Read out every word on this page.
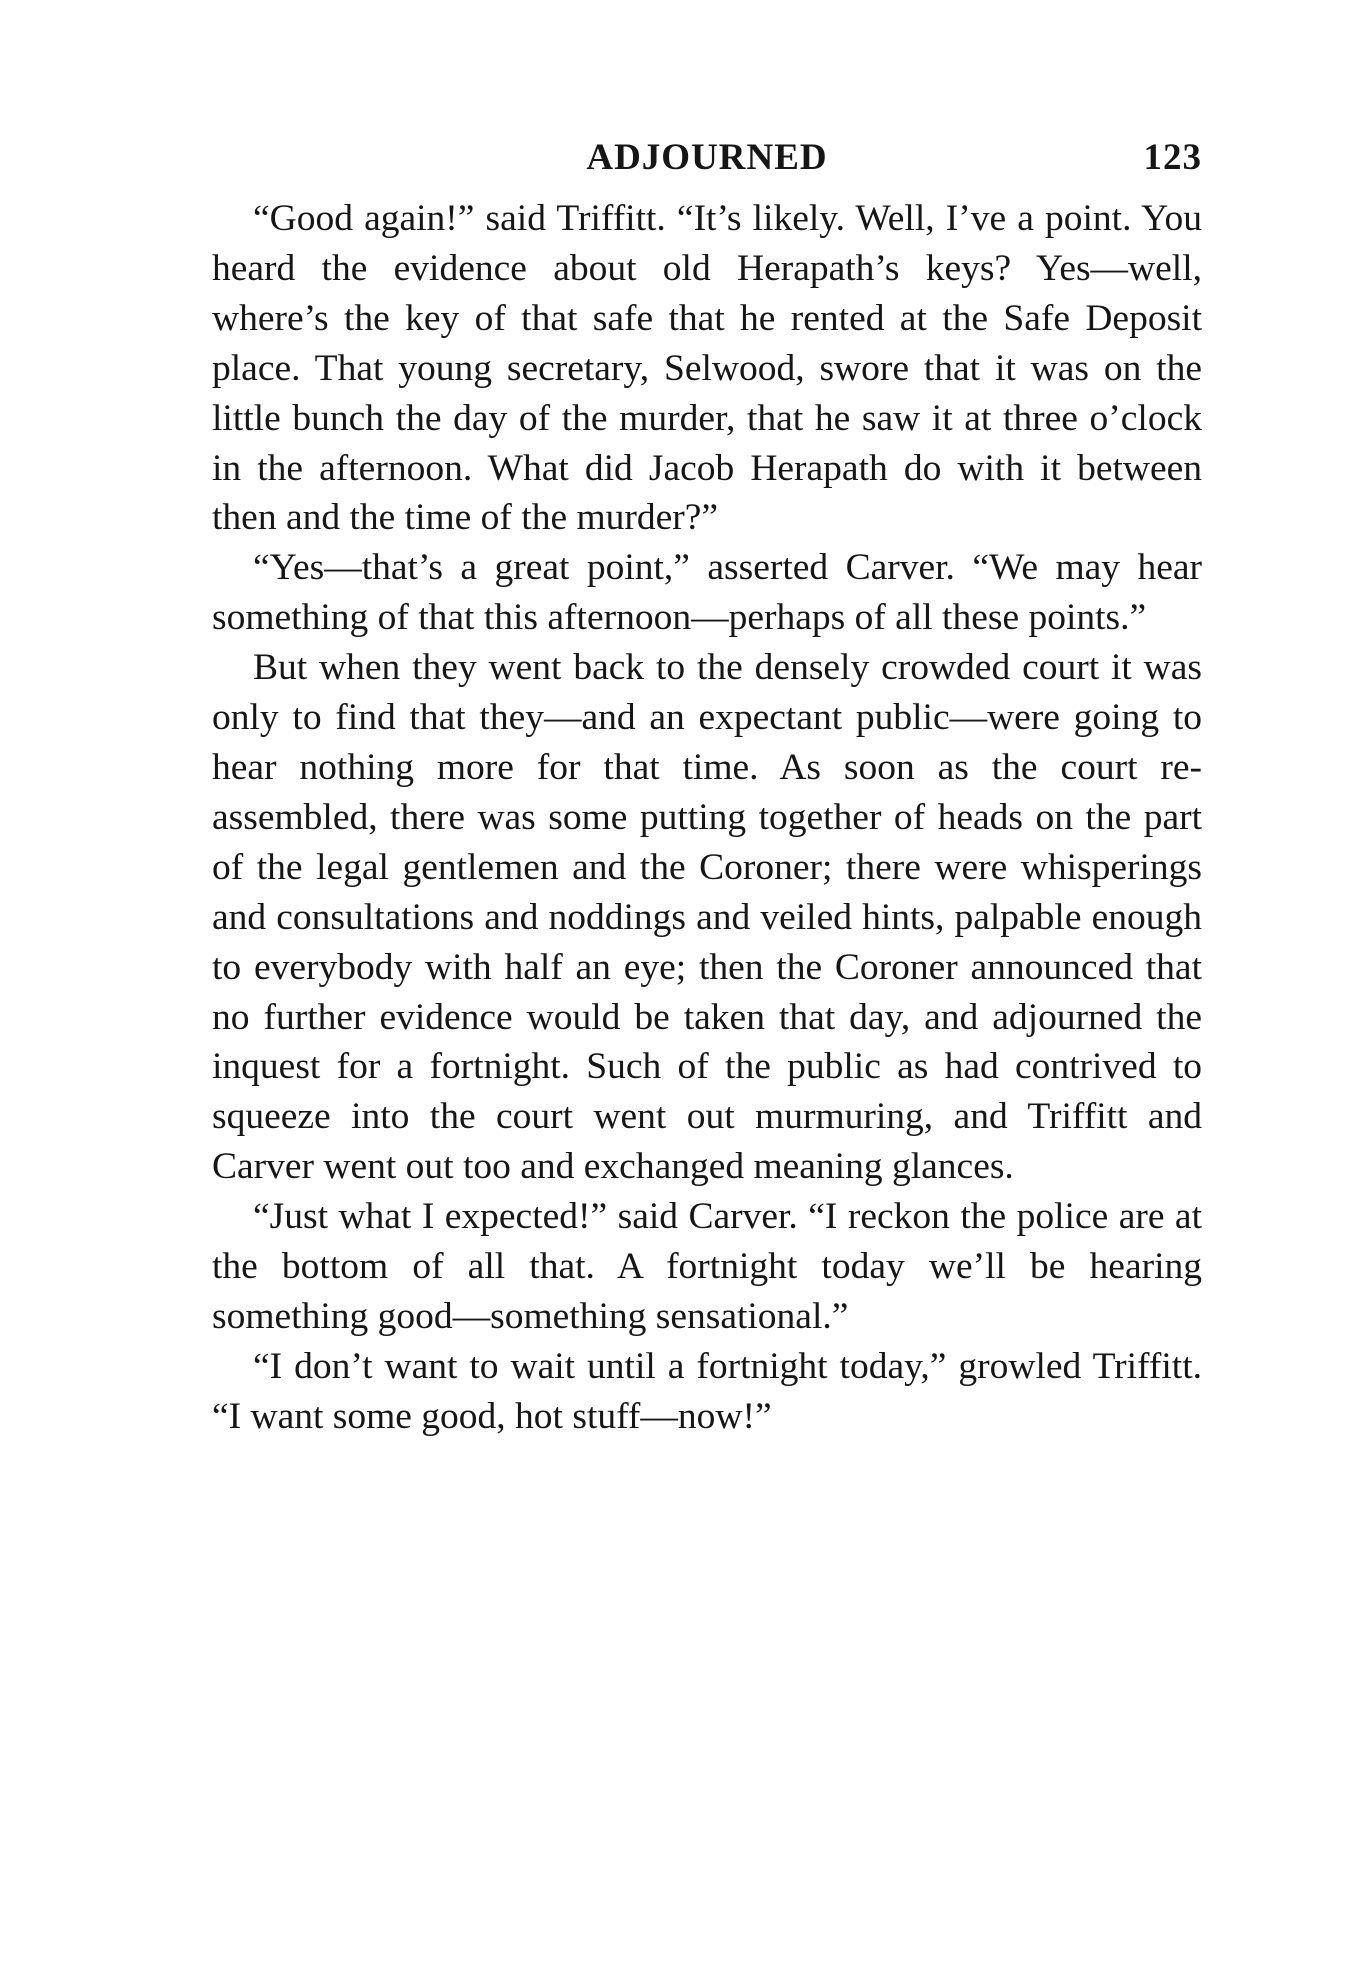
ADJOURNED	123

“Good again!” said Triffitt. “It’s likely. Well, I’ve a point. You heard the evidence about old Herapath’s keys? Yes—well, where’s the key of that safe that he rented at the Safe Deposit place. That young secretary, Selwood, swore that it was on the little bunch the day of the murder, that he saw it at three o’clock in the afternoon. What did Jacob Herapath do with it between then and the time of the murder?”

“Yes—that’s a great point,” asserted Carver. “We may hear something of that this afternoon—perhaps of all these points.”

But when they went back to the densely crowded court it was only to find that they—and an expectant public—were going to hear nothing more for that time. As soon as the court re-assembled, there was some putting together of heads on the part of the legal gentlemen and the Coroner; there were whisperings and consultations and noddings and veiled hints, palpable enough to everybody with half an eye; then the Coroner announced that no further evidence would be taken that day, and adjourned the inquest for a fortnight. Such of the public as had contrived to squeeze into the court went out murmuring, and Triffitt and Carver went out too and exchanged meaning glances.

“Just what I expected!” said Carver. “I reckon the police are at the bottom of all that. A fortnight today we’ll be hearing something good—something sensational.”

“I don’t want to wait until a fortnight today,” growled Triffitt. “I want some good, hot stuff—now!”
